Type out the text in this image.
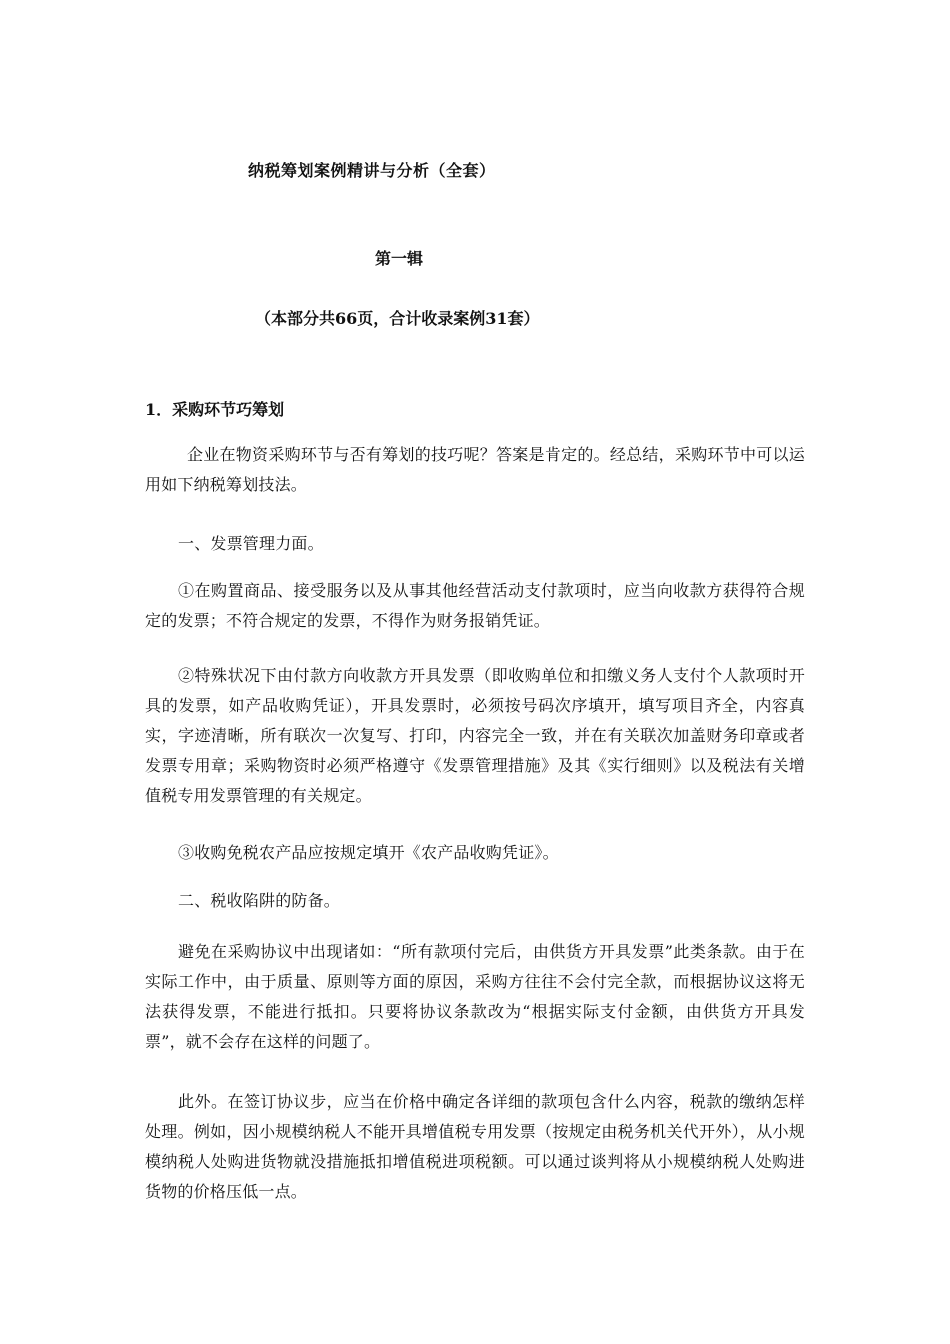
纳税筹划案例精讲与分析（全套）
第一辑
（本部分共66页，合计收录案例31套）
1．采购环节巧筹划

企业在物资采购环节与否有筹划的技巧呢？答案是肯定的。经总结，采购环节中可以运用如下纳税筹划技法。

一、发票管理力面。

①在购置商品、接受服务以及从事其他经营活动支付款项时，应当向收款方获得符合规定的发票；不符合规定的发票，不得作为财务报销凭证。

②特殊状况下由付款方向收款方开具发票（即收购单位和扣缴义务人支付个人款项时开具的发票，如产品收购凭证），开具发票时，必须按号码次序填开，填写项目齐全，内容真实，字迹清晰，所有联次一次复写、打印，内容完全一致，并在有关联次加盖财务印章或者发票专用章；采购物资时必须严格遵守《发票管理措施》及其《实行细则》以及税法有关增值税专用发票管理的有关规定。

③收购免税农产品应按规定填开《农产品收购凭证》。

二、税收陷阱的防备。

避免在采购协议中出现诸如：“所有款项付完后，由供货方开具发票”此类条款。由于在实际工作中，由于质量、原则等方面的原因，采购方往往不会付完全款，而根据协议这将无法获得发票，不能进行抵扣。只要将协议条款改为“根据实际支付金额，由供货方开具发票”，就不会存在这样的问题了。

此外。在签订协议步，应当在价格中确定各详细的款项包含什么内容，税款的缴纳怎样处理。例如，因小规模纳税人不能开具增值税专用发票（按规定由税务机关代开外），从小规模纳税人处购进货物就没措施抵扣增值税进项税额。可以通过谈判将从小规模纳税人处购进货物的价格压低一点。
